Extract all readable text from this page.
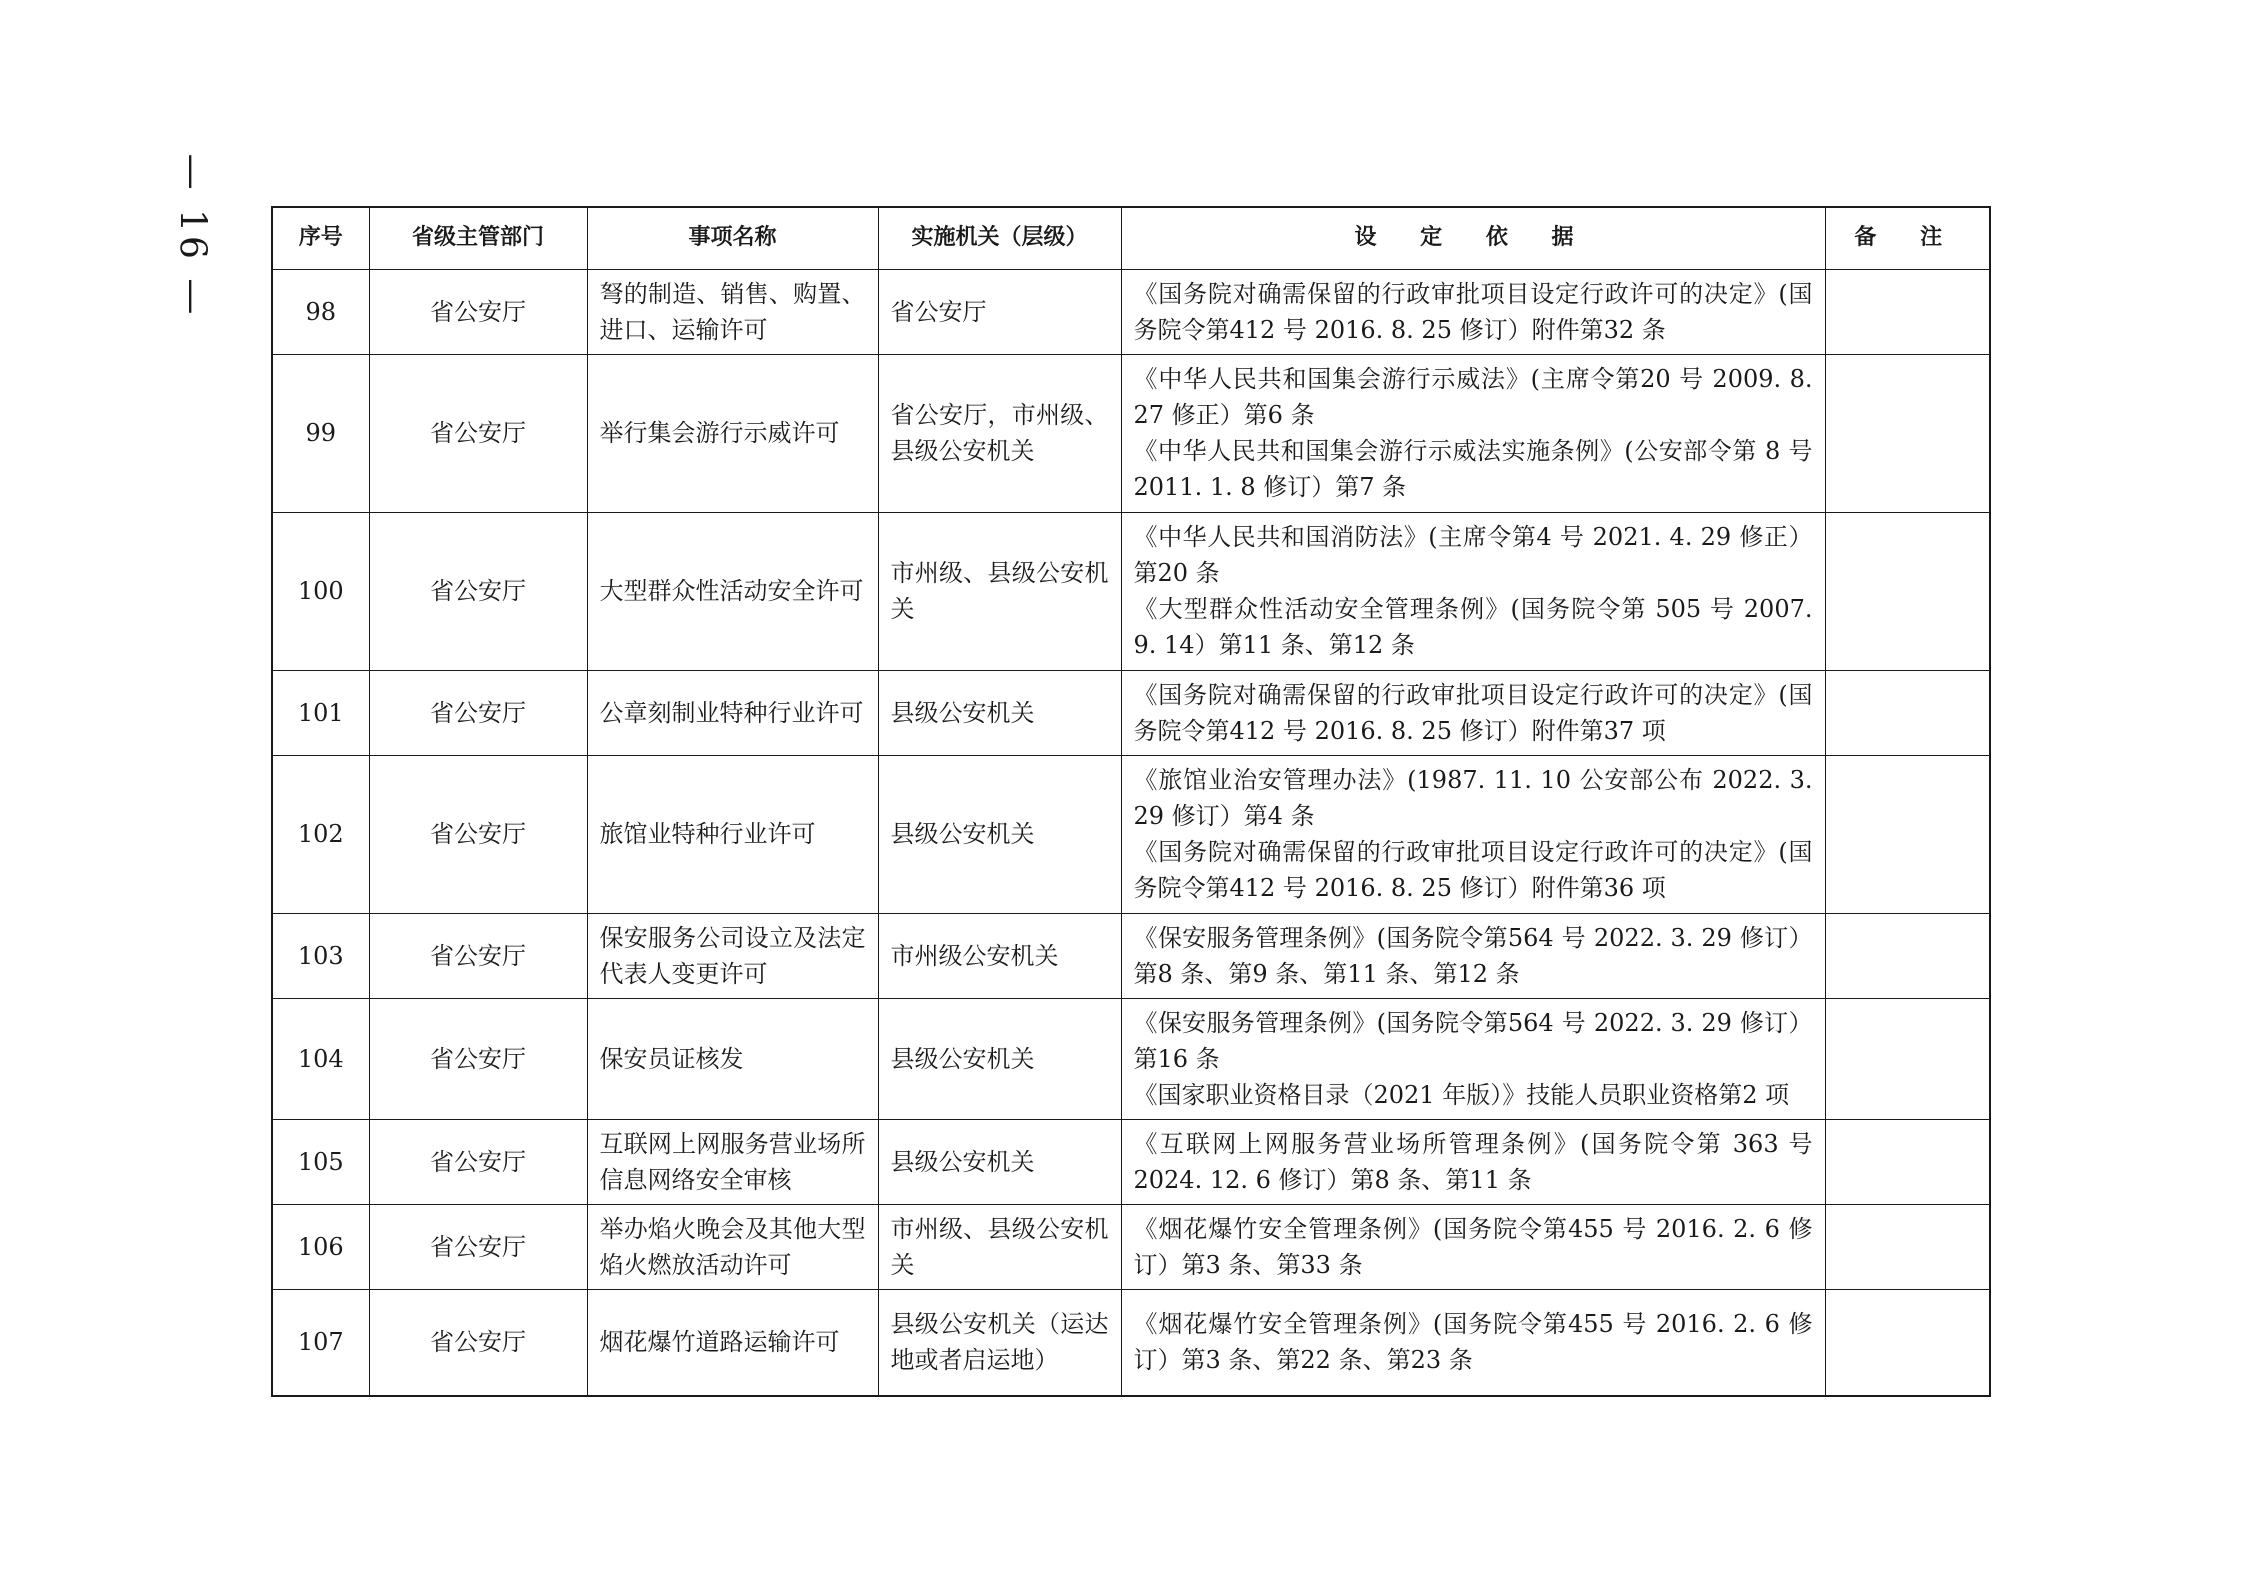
— 16 —	序号	省级主管部门	事项名称	实施机关（层级）	设 定 依 据	备 注
98	省公安厅	弩的制造、销售、购置、进口、运输许可	省公安厅	《国务院对确需保留的行政审批项目设定行政许可的决定》(国务院令第412 号 2016. 8. 25 修订）附件第32 条	

99	省公安厅	举行集会游行示威许可	省公安厅，市州级、县级公安机关	《中华人民共和国集会游行示威法》(主席令第20 号 2009. 8. 27 修正）第6 条
《中华人民共和国集会游行示威法实施条例》(公安部令第 8 号 2011. 1. 8 修订）第7 条	

100	省公安厅	大型群众性活动安全许可	市州级、县级公安机关	《中华人民共和国消防法》(主席令第4 号 2021. 4. 29 修正）第20 条
《大型群众性活动安全管理条例》(国务院令第 505 号 2007. 9. 14）第11 条、第12 条	

101	省公安厅	公章刻制业特种行业许可	县级公安机关	《国务院对确需保留的行政审批项目设定行政许可的决定》(国务院令第412 号 2016. 8. 25 修订）附件第37 项	

102	省公安厅	旅馆业特种行业许可	县级公安机关	《旅馆业治安管理办法》(1987. 11. 10 公安部公布 2022. 3. 29 修订）第4 条
《国务院对确需保留的行政审批项目设定行政许可的决定》(国务院令第412 号 2016. 8. 25 修订）附件第36 项	

103	省公安厅	保安服务公司设立及法定代表人变更许可	市州级公安机关	《保安服务管理条例》(国务院令第564 号 2022. 3. 29 修订）第8 条、第9 条、第11 条、第12 条	

104	省公安厅	保安员证核发	县级公安机关	《保安服务管理条例》(国务院令第564 号 2022. 3. 29 修订）第16 条
《国家职业资格目录（2021 年版）》技能人员职业资格第2 项	

105	省公安厅	互联网上网服务营业场所信息网络安全审核	县级公安机关	《互联网上网服务营业场所管理条例》(国务院令第 363 号 2024. 12. 6 修订）第8 条、第11 条	

106	省公安厅	举办焰火晚会及其他大型焰火燃放活动许可	市州级、县级公安机关	《烟花爆竹安全管理条例》(国务院令第455 号 2016. 2. 6 修订）第3 条、第33 条	

107	省公安厅	烟花爆竹道路运输许可	县级公安机关（运达地或者启运地）	《烟花爆竹安全管理条例》(国务院令第455 号 2016. 2. 6 修订）第3 条、第22 条、第23 条	
